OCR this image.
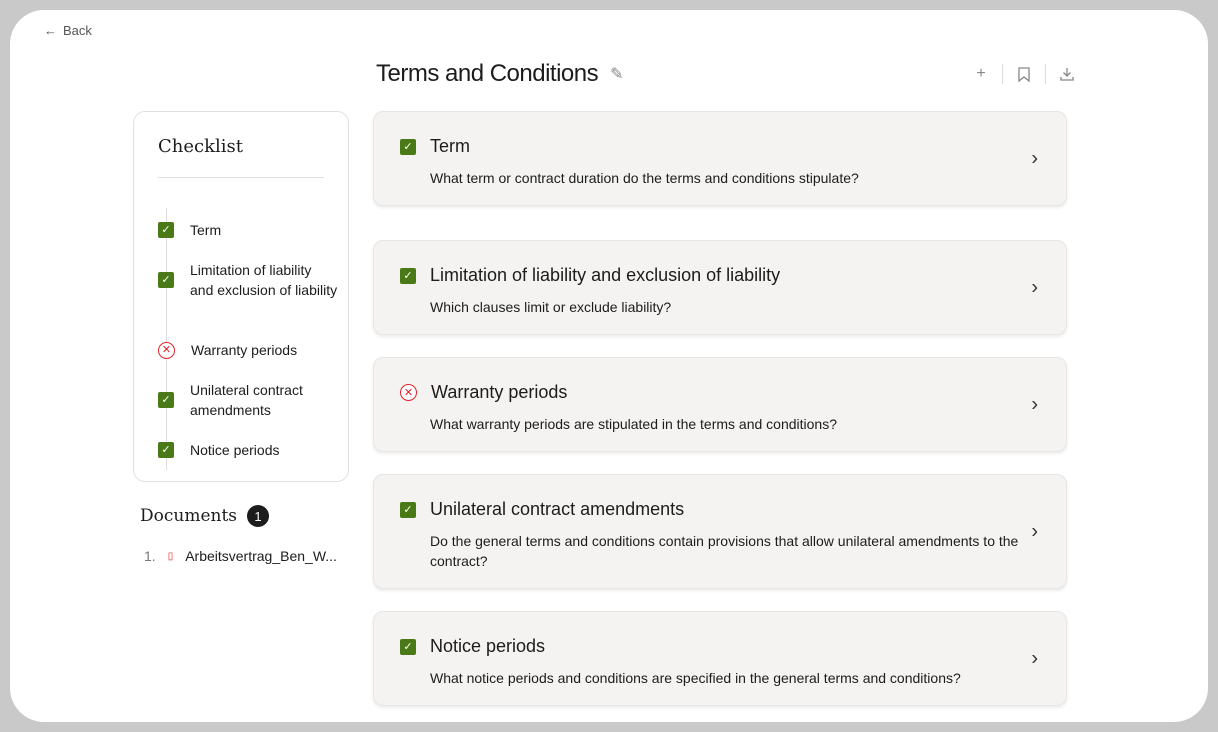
← Back
Terms and Conditions ✎	+
Checklist
✓ Term
✓
Limitation of liability and exclusion of liability
✕ Warranty periods
✓
Unilateral contract amendments
✓ Notice periods
Documents	1
1. ▯ Arbeitsvertrag_Ben_W...
✓ Term
What term or contract duration do the terms and conditions stipulate?
›
✓ Limitation of liability and exclusion of liability
Which clauses limit or exclude liability?
›
✕ Warranty periods
What warranty periods are stipulated in the terms and conditions?
›
✓ Unilateral contract amendments
Do the general terms and conditions contain provisions that allow unilateral amendments to the contract?
›
✓ Notice periods
What notice periods and conditions are specified in the general terms and conditions?
›
